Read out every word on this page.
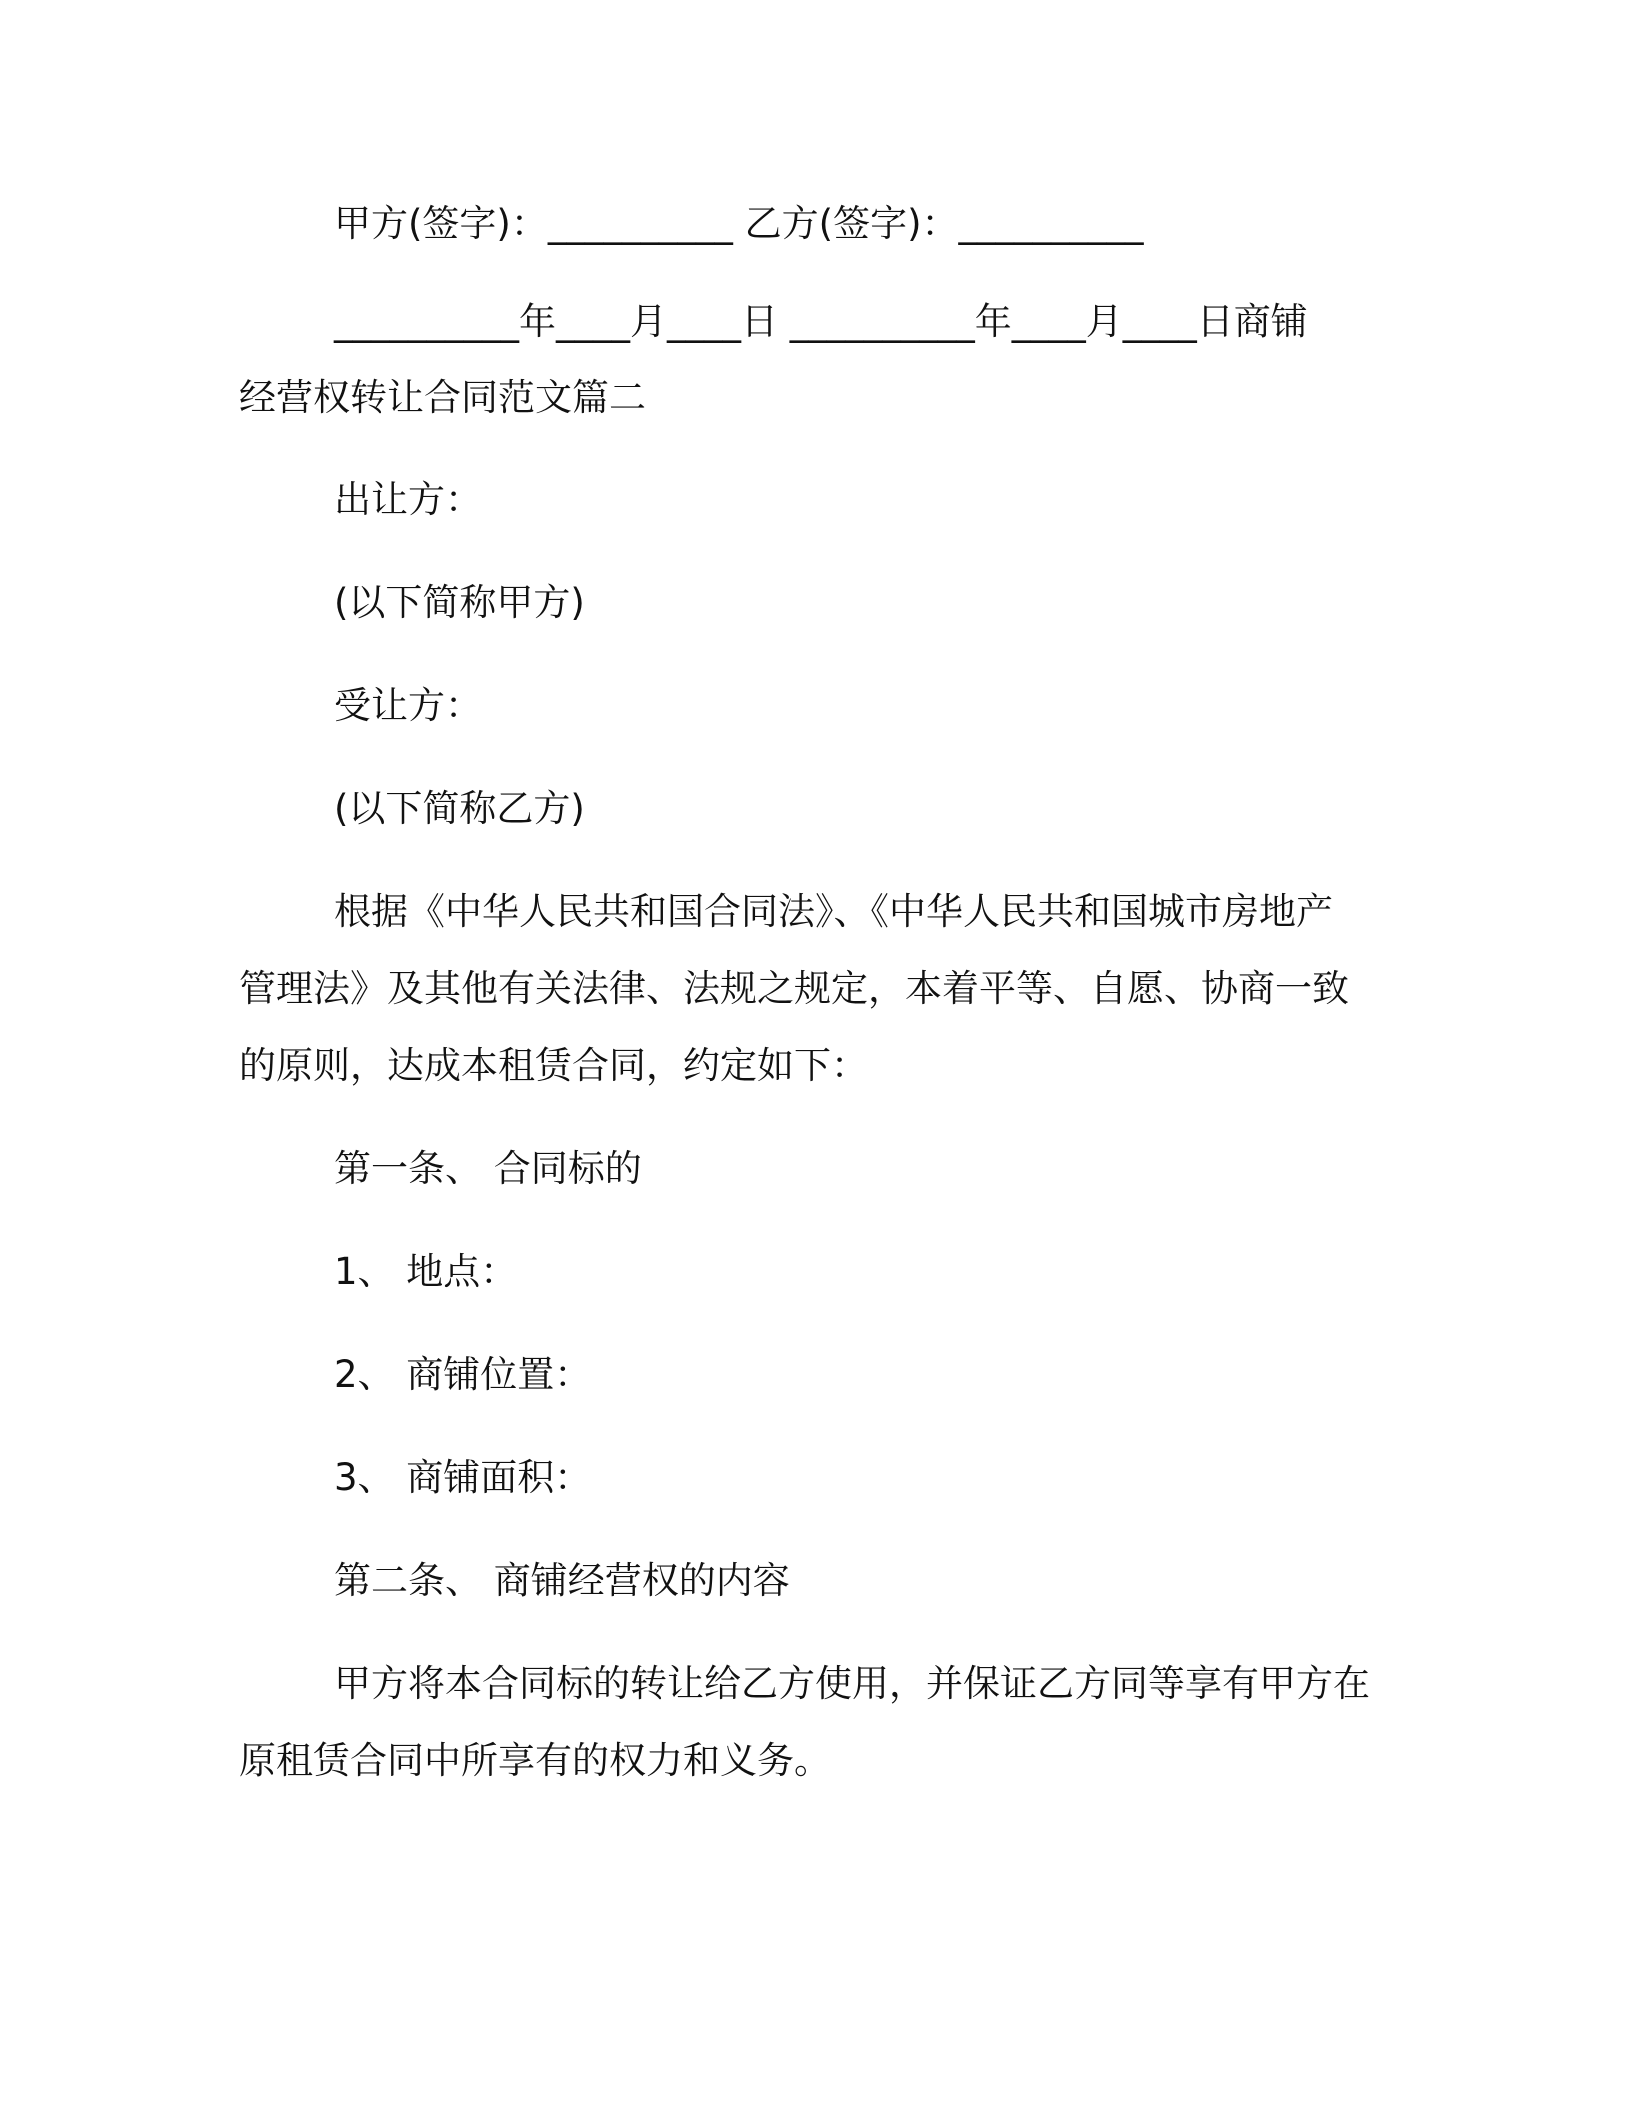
甲方(签字)：__________ 乙方(签字)：__________
__________年____月____日 __________年____月____日商铺
经营权转让合同范文篇二
出让方：
(以下简称甲方)
受让方：
(以下简称乙方)
根据《中华人民共和国合同法》、《中华人民共和国城市房地产
管理法》及其他有关法律、法规之规定，本着平等、自愿、协商一致
的原则，达成本租赁合同，约定如下：
第一条、 合同标的
1、 地点：
2、 商铺位置：
3、 商铺面积：
第二条、 商铺经营权的内容
甲方将本合同标的转让给乙方使用，并保证乙方同等享有甲方在
原租赁合同中所享有的权力和义务。
